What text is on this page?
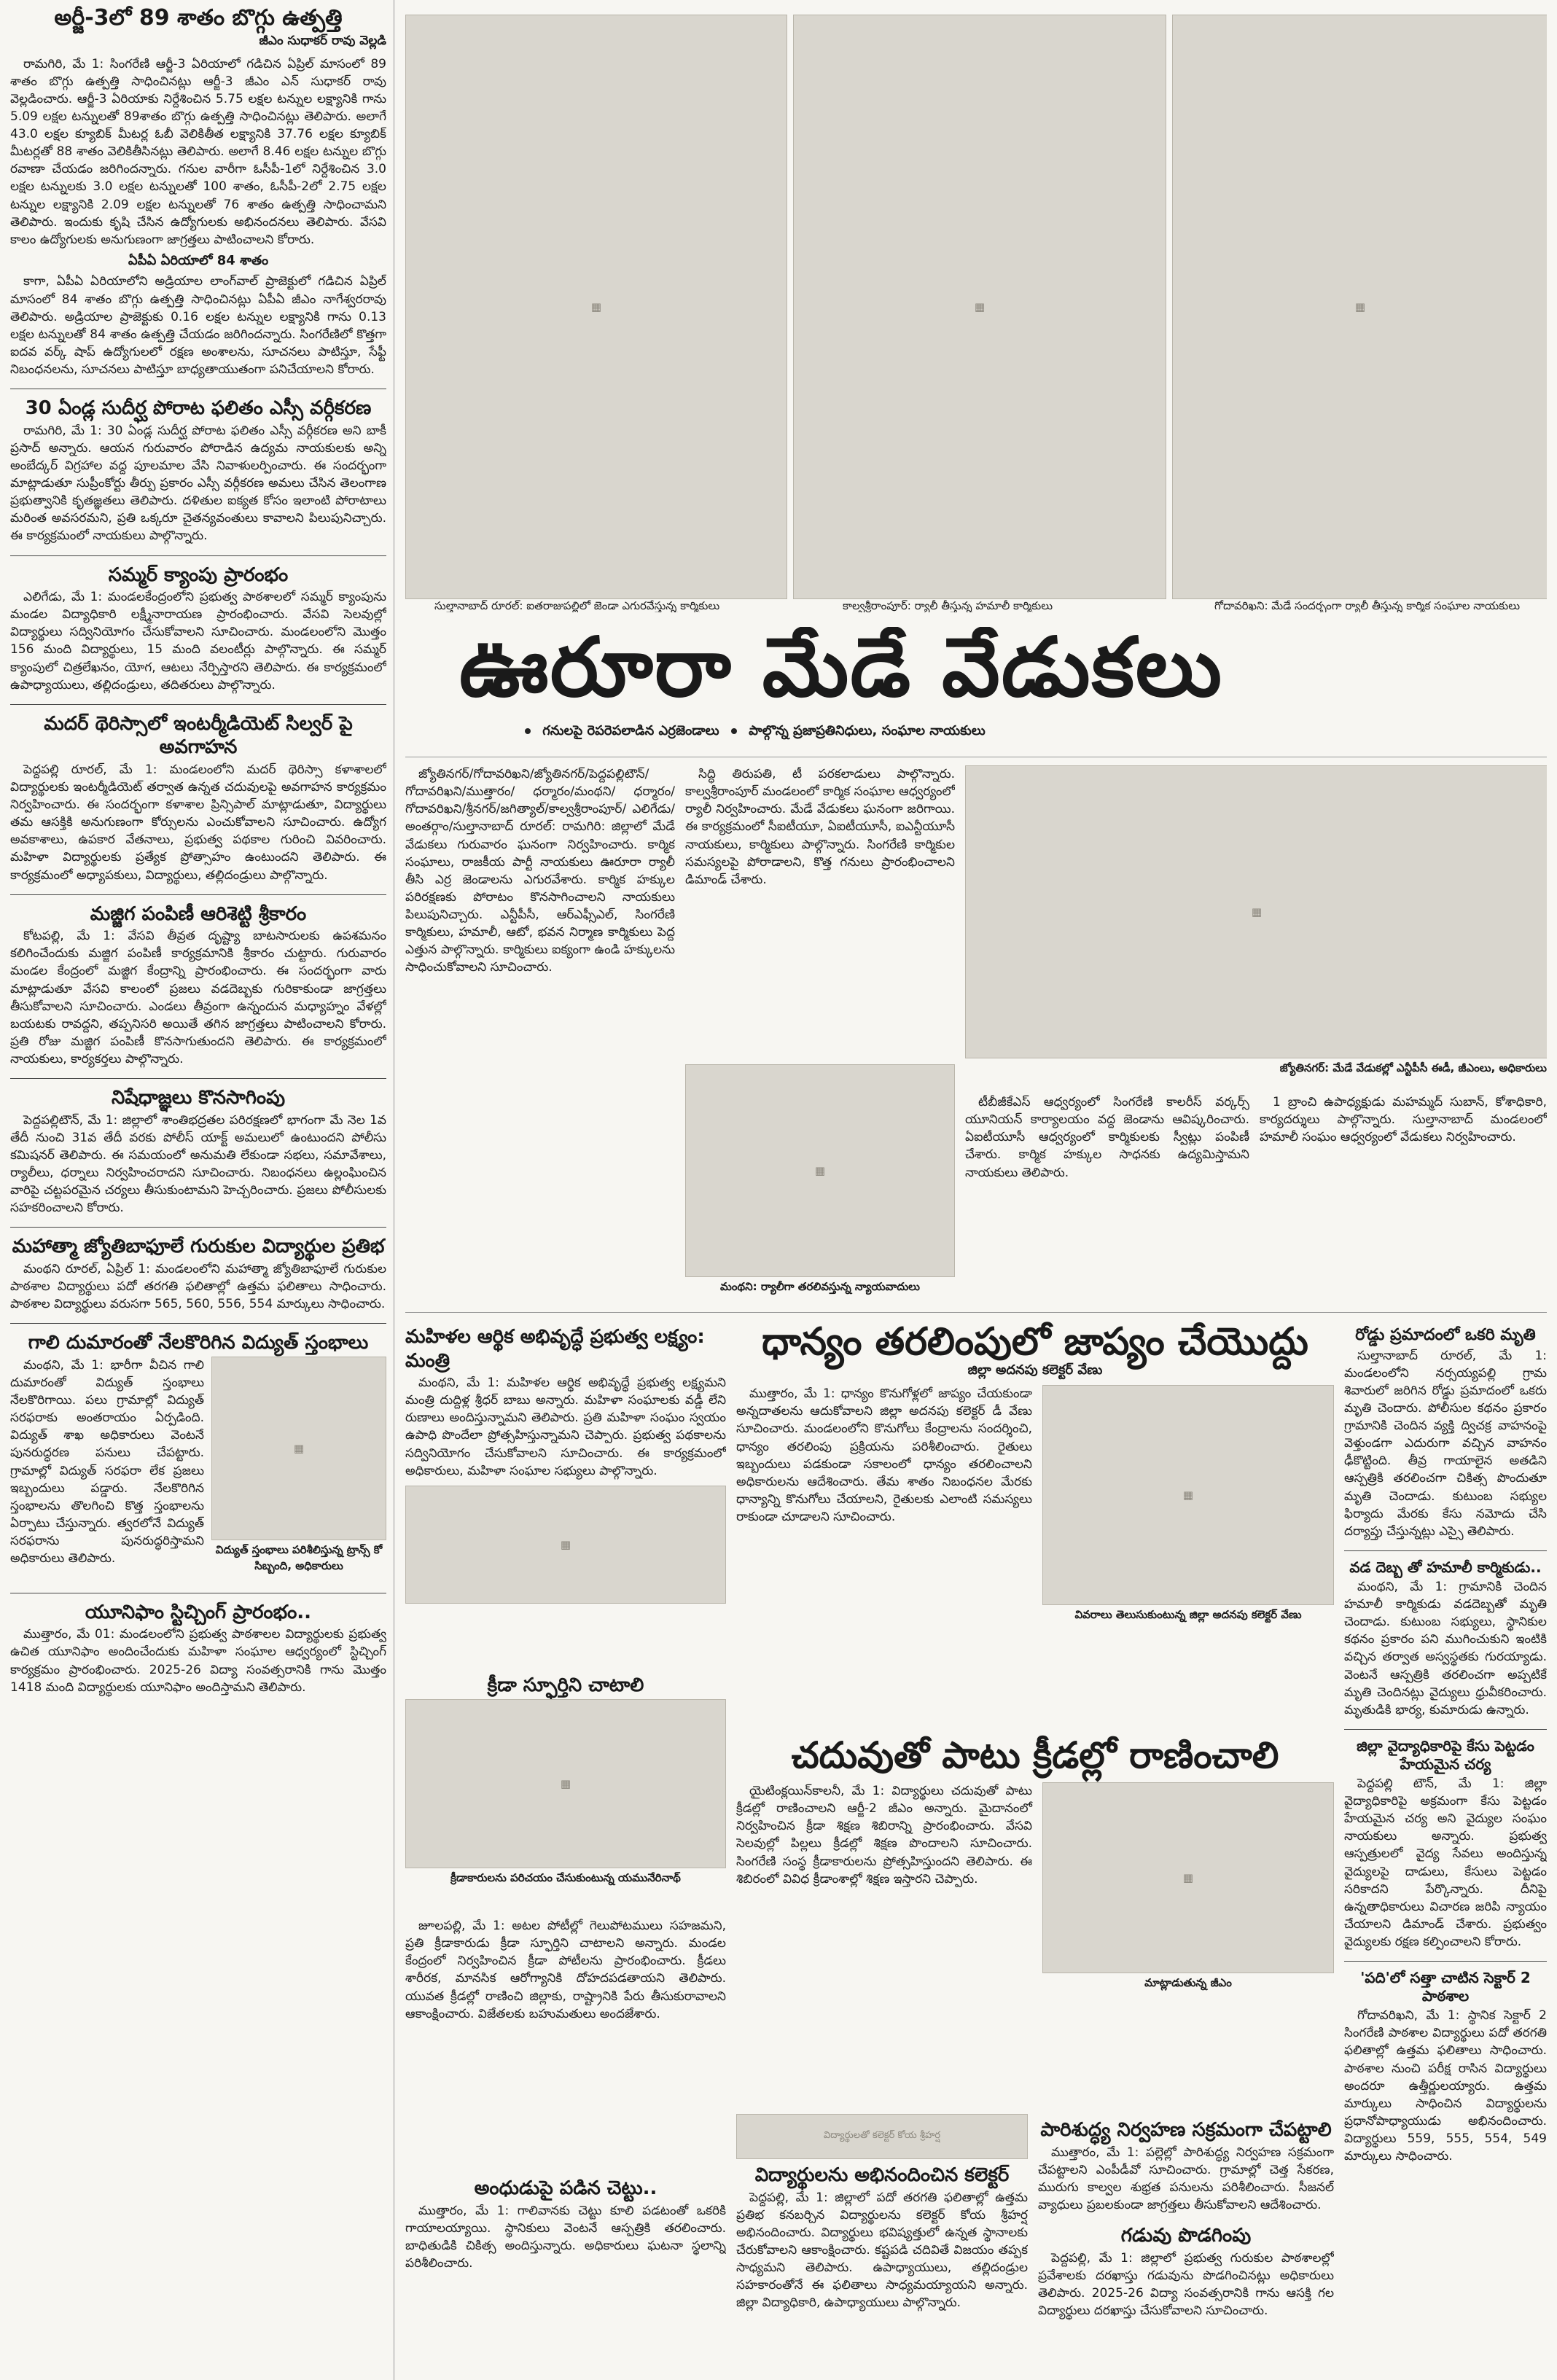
అర్జీ-3లో 89 శాతం బొగ్గు ఉత్పత్తి
జీఎం సుధాకర్ రావు వెల్లడి

రామగిరి, మే 1: సింగరేణి ఆర్జీ-3 ఏరియాలో గడిచిన ఏప్రిల్ మాసంలో 89 శాతం బొగ్గు ఉత్పత్తి సాధించినట్లు ఆర్జీ-3 జీఎం ఎన్ సుధాకర్ రావు వెల్లడించారు. ఆర్జీ-3 ఏరియాకు నిర్దేశించిన 5.75 లక్షల టన్నుల లక్ష్యానికి గాను 5.09 లక్షల టన్నులతో 89శాతం బొగ్గు ఉత్పత్తి సాధించినట్లు తెలిపారు. అలాగే 43.0 లక్షల క్యూబిక్ మీటర్ల ఓబీ వెలికితీత లక్ష్యానికి 37.76 లక్షల క్యూబిక్ మీటర్లతో 88 శాతం వెలికితీసినట్లు తెలిపారు. అలాగే 8.46 లక్షల టన్నుల బొగ్గు రవాణా చేయడం జరిగిందన్నారు. గనుల వారీగా ఓసీపీ-1లో నిర్దేశించిన 3.0 లక్షల టన్నులకు 3.0 లక్షల టన్నులతో 100 శాతం, ఓసీపీ-2లో 2.75 లక్షల టన్నుల లక్ష్యానికి 2.09 లక్షల టన్నులతో 76 శాతం ఉత్పత్తి సాధించామని తెలిపారు. ఇందుకు కృషి చేసిన ఉద్యోగులకు అభినందనలు తెలిపారు. వేసవి కాలం ఉద్యోగులకు అనుగుణంగా జాగ్రత్తలు పాటించాలని కోరారు.

ఏపీఏ ఏరియాలో 84 శాతం

కాగా, ఏపీఏ ఏరియాలోని అడ్రియాల లాంగ్‌వాల్ ప్రాజెక్టులో గడిచిన ఏప్రిల్ మాసంలో 84 శాతం బొగ్గు ఉత్పత్తి సాధించినట్లు ఏపీఏ జీఎం నాగేశ్వరరావు తెలిపారు. అడ్రియాల ప్రాజెక్టుకు 0.16 లక్షల టన్నుల లక్ష్యానికి గాను 0.13 లక్షల టన్నులతో 84 శాతం ఉత్పత్తి చేయడం జరిగిందన్నారు. సింగరేణిలో కొత్తగా ఐదవ వర్క్ షాప్ ఉద్యోగులలో రక్షణ అంశాలను, సూచనలు పాటిస్తూ, సేఫ్టీ నిబంధనలను, సూచనలు పాటిస్తూ బాధ్యతాయుతంగా పనిచేయాలని కోరారు.

30 ఏండ్ల సుదీర్ఘ పోరాట ఫలితం ఎస్సీ వర్గీకరణ

రామగిరి, మే 1: 30 ఏండ్ల సుదీర్ఘ పోరాట ఫలితం ఎస్సీ వర్గీకరణ అని బాకీ ప్రసాద్ అన్నారు. ఆయన గురువారం పోరాడిన ఉద్యమ నాయకులకు అన్ని అంబేద్కర్ విగ్రహాల వద్ద పూలమాల వేసి నివాళులర్పించారు. ఈ సందర్భంగా మాట్లాడుతూ సుప్రీంకోర్టు తీర్పు ప్రకారం ఎస్సీ వర్గీకరణ అమలు చేసిన తెలంగాణ ప్రభుత్వానికి కృతజ్ఞతలు తెలిపారు. దళితుల ఐక్యత కోసం ఇలాంటి పోరాటాలు మరింత అవసరమని, ప్రతి ఒక్కరూ చైతన్యవంతులు కావాలని పిలుపునిచ్చారు. ఈ కార్యక్రమంలో నాయకులు పాల్గొన్నారు.

సమ్మర్ క్యాంపు ప్రారంభం

ఎలిగేడు, మే 1: మండలకేంద్రంలోని ప్రభుత్వ పాఠశాలలో సమ్మర్ క్యాంపును మండల విద్యాధికారి లక్ష్మీనారాయణ ప్రారంభించారు. వేసవి సెలవుల్లో విద్యార్థులు సద్వినియోగం చేసుకోవాలని సూచించారు. మండలంలోని మొత్తం 156 మంది విద్యార్థులు, 15 మంది వలంటీర్లు పాల్గొన్నారు. ఈ సమ్మర్ క్యాంపులో చిత్రలేఖనం, యోగ, ఆటలు నేర్పిస్తారని తెలిపారు. ఈ కార్యక్రమంలో ఉపాధ్యాయులు, తల్లిదండ్రులు, తదితరులు పాల్గొన్నారు.

మదర్ థెరిస్సాలో ఇంటర్మీడియెట్ సిల్వర్ పై అవగాహన

పెద్దపల్లి రూరల్, మే 1: మండలంలోని మదర్ థెరిస్సా కళాశాలలో విద్యార్థులకు ఇంటర్మీడియెట్ తర్వాత ఉన్నత చదువులపై అవగాహన కార్యక్రమం నిర్వహించారు. ఈ సందర్భంగా కళాశాల ప్రిన్సిపాల్ మాట్లాడుతూ, విద్యార్థులు తమ ఆసక్తికి అనుగుణంగా కోర్సులను ఎంచుకోవాలని సూచించారు. ఉద్యోగ అవకాశాలు, ఉపకార వేతనాలు, ప్రభుత్వ పథకాల గురించి వివరించారు. మహిళా విద్యార్థులకు ప్రత్యేక ప్రోత్సాహం ఉంటుందని తెలిపారు. ఈ కార్యక్రమంలో అధ్యాపకులు, విద్యార్థులు, తల్లిదండ్రులు పాల్గొన్నారు.

మజ్జిగ పంపిణీ ఆరిశెట్టి శ్రీకారం

కోటపల్లి, మే 1: వేసవి తీవ్రత దృష్ట్యా బాటసారులకు ఉపశమనం కలిగించేందుకు మజ్జిగ పంపిణీ కార్యక్రమానికి శ్రీకారం చుట్టారు. గురువారం మండల కేంద్రంలో మజ్జిగ కేంద్రాన్ని ప్రారంభించారు. ఈ సందర్భంగా వారు మాట్లాడుతూ వేసవి కాలంలో ప్రజలు వడదెబ్బకు గురికాకుండా జాగ్రత్తలు తీసుకోవాలని సూచించారు. ఎండలు తీవ్రంగా ఉన్నందున మధ్యాహ్నం వేళల్లో బయటకు రావద్దని, తప్పనిసరి అయితే తగిన జాగ్రత్తలు పాటించాలని కోరారు. ప్రతి రోజు మజ్జిగ పంపిణీ కొనసాగుతుందని తెలిపారు. ఈ కార్యక్రమంలో నాయకులు, కార్యకర్తలు పాల్గొన్నారు.

నిషేధాజ్ఞలు కొనసాగింపు

పెద్దపల్లిటౌన్, మే 1: జిల్లాలో శాంతిభద్రతల పరిరక్షణలో భాగంగా మే నెల 1వ తేదీ నుంచి 31వ తేదీ వరకు పోలీస్ యాక్ట్ అమలులో ఉంటుందని పోలీసు కమిషనర్ తెలిపారు. ఈ సమయంలో అనుమతి లేకుండా సభలు, సమావేశాలు, ర్యాలీలు, ధర్నాలు నిర్వహించరాదని సూచించారు. నిబంధనలు ఉల్లంఘించిన వారిపై చట్టపరమైన చర్యలు తీసుకుంటామని హెచ్చరించారు. ప్రజలు పోలీసులకు సహకరించాలని కోరారు.

మహాత్మా జ్యోతిబాఫూలే గురుకుల విద్యార్థుల ప్రతిభ

మంథని రూరల్, ఏప్రిల్ 1: మండలంలోని మహాత్మా జ్యోతిబాఫూలే గురుకుల పాఠశాల విద్యార్థులు పదో తరగతి ఫలితాల్లో ఉత్తమ ఫలితాలు సాధించారు. పాఠశాల విద్యార్థులు వరుసగా 565, 560, 556, 554 మార్కులు సాధించారు.

గాలి దుమారంతో నేలకొరిగిన విద్యుత్ స్తంభాలు

మంథని, మే 1: భారీగా వీచిన గాలి దుమారంతో విద్యుత్ స్తంభాలు నేలకొరిగాయి. పలు గ్రామాల్లో విద్యుత్ సరఫరాకు అంతరాయం ఏర్పడింది. విద్యుత్ శాఖ అధికారులు వెంటనే పునరుద్ధరణ పనులు చేపట్టారు. గ్రామాల్లో విద్యుత్ సరఫరా లేక ప్రజలు ఇబ్బందులు పడ్డారు. నేలకొరిగిన స్తంభాలను తొలగించి కొత్త స్తంభాలను ఏర్పాటు చేస్తున్నారు. త్వరలోనే విద్యుత్ సరఫరాను పునరుద్ధరిస్తామని అధికారులు తెలిపారు.

▦
విద్యుత్ స్తంభాలు పరిశీలిస్తున్న ట్రాన్స్ కో సిబ్బంది, అధికారులు
యూనిఫాం స్టిచ్చింగ్ ప్రారంభం..

ముత్తారం, మే 01: మండలంలోని ప్రభుత్వ పాఠశాలల విద్యార్థులకు ప్రభుత్వ ఉచిత యూనిఫాం అందించేందుకు మహిళా సంఘాల ఆధ్వర్యంలో స్టిచ్చింగ్ కార్యక్రమం ప్రారంభించారు. 2025-26 విద్యా సంవత్సరానికి గాను మొత్తం 1418 మంది విద్యార్థులకు యూనిఫాం అందిస్తామని తెలిపారు.

▦	▦	▦
సుల్తానాబాద్ రూరల్: ఐతరాజుపల్లిలో జెండా ఎగురవేస్తున్న కార్మికులు	కాల్వశ్రీరాంపూర్: ర్యాలీ తీస్తున్న హమాలీ కార్మికులు	గోదావరిఖని: మేడే సందర్భంగా ర్యాలీ తీస్తున్న కార్మిక సంఘాల నాయకులు
ఊరూరా మేడే వేడుకలు
గనులపై రెపరెపలాడిన ఎర్రజెండాలు పాల్గొన్న ప్రజాప్రతినిధులు, సంఘాల నాయకులు

జ్యోతినగర్/గోదావరిఖని/జ్యోతినగర్/పెద్దపల్లిటౌన్/గోదావరిఖని/ముత్తారం/ ధర్మారం/మంథని/ ధర్మారం/గోదావరిఖని/శ్రీనగర్/జగిత్యాల్/కాల్వశ్రీరాంపూర్/ ఎలిగేడు/అంతర్గాం/సుల్తానాబాద్ రూరల్: రామగిరి: జిల్లాలో మేడే వేడుకలు గురువారం ఘనంగా నిర్వహించారు. కార్మిక సంఘాలు, రాజకీయ పార్టీ నాయకులు ఊరూరా ర్యాలీ తీసి ఎర్ర జెండాలను ఎగురవేశారు. కార్మిక హక్కుల పరిరక్షణకు పోరాటం కొనసాగించాలని నాయకులు పిలుపునిచ్చారు. ఎన్టీపీసీ, ఆర్ఎఫ్సీఎల్, సింగరేణి కార్మికులు, హమాలీ, ఆటో, భవన నిర్మాణ కార్మికులు పెద్ద ఎత్తున పాల్గొన్నారు. కార్మికులు ఐక్యంగా ఉండి హక్కులను సాధించుకోవాలని సూచించారు.

సిద్ధి తిరుపతి, టీ పరకలాడులు పాల్గొన్నారు. కాల్వశ్రీరాంపూర్ మండలంలో కార్మిక సంఘాల ఆధ్వర్యంలో ర్యాలీ నిర్వహించారు. మేడే వేడుకలు ఘనంగా జరిగాయి. ఈ కార్యక్రమంలో సీఐటీయూ, ఏఐటీయూసీ, ఐఎన్టీయూసీ నాయకులు, కార్మికులు పాల్గొన్నారు. సింగరేణి కార్మికుల సమస్యలపై పోరాడాలని, కొత్త గనులు ప్రారంభించాలని డిమాండ్ చేశారు.

▦
జ్యోతినగర్: మేడే వేడుకల్లో ఎన్టీపీసీ ఈడీ, జీఎంలు, అధికారులు
▦
మంథని: ర్యాలీగా తరలివస్తున్న న్యాయవాదులు

టీబీజీకేఎస్ ఆధ్వర్యంలో సింగరేణి కాలరీస్ వర్కర్స్ యూనియన్ కార్యాలయం వద్ద జెండాను ఆవిష్కరించారు. ఏఐటీయూసీ ఆధ్వర్యంలో కార్మికులకు స్వీట్లు పంపిణీ చేశారు. కార్మిక హక్కుల సాధనకు ఉద్యమిస్తామని నాయకులు తెలిపారు.

1 బ్రాంచి ఉపాధ్యక్షుడు మహమ్మద్ సుబాన్, కోశాధికారి, కార్యదర్శులు పాల్గొన్నారు. సుల్తానాబాద్ మండలంలో హమాలీ సంఘం ఆధ్వర్యంలో వేడుకలు నిర్వహించారు.

మహిళల ఆర్థిక అభివృద్ధే ప్రభుత్వ లక్ష్యం: మంత్రి

మంథని, మే 1: మహిళల ఆర్థిక అభివృద్ధే ప్రభుత్వ లక్ష్యమని మంత్రి దుద్దిళ్ల శ్రీధర్ బాబు అన్నారు. మహిళా సంఘాలకు వడ్డీ లేని రుణాలు అందిస్తున్నామని తెలిపారు. ప్రతి మహిళా సంఘం స్వయం ఉపాధి పొందేలా ప్రోత్సహిస్తున్నామని చెప్పారు. ప్రభుత్వ పథకాలను సద్వినియోగం చేసుకోవాలని సూచించారు. ఈ కార్యక్రమంలో అధికారులు, మహిళా సంఘాల సభ్యులు పాల్గొన్నారు.

▦
ధాన్యం తరలింపులో జాప్యం చేయొద్దు
జిల్లా అదనపు కలెక్టర్ వేణు

ముత్తారం, మే 1: ధాన్యం కొనుగోళ్లలో జాప్యం చేయకుండా అన్నదాతలను ఆదుకోవాలని జిల్లా అదనపు కలెక్టర్ డీ వేణు సూచించారు. మండలంలోని కొనుగోలు కేంద్రాలను సందర్శించి, ధాన్యం తరలింపు ప్రక్రియను పరిశీలించారు. రైతులు ఇబ్బందులు పడకుండా సకాలంలో ధాన్యం తరలించాలని అధికారులను ఆదేశించారు. తేమ శాతం నిబంధనల మేరకు ధాన్యాన్ని కొనుగోలు చేయాలని, రైతులకు ఎలాంటి సమస్యలు రాకుండా చూడాలని సూచించారు.

▦
వివరాలు తెలుసుకుంటున్న జిల్లా అదనపు కలెక్టర్ వేణు
క్రీడా స్ఫూర్తిని చాటాలి
▦
క్రీడాకారులను పరిచయం చేసుకుంటున్న యమునేరినాథ్

జూలపల్లి, మే 1: అటల పోటీల్లో గెలుపోటములు సహజమని, ప్రతి క్రీడాకారుడు క్రీడా స్ఫూర్తిని చాటాలని అన్నారు. మండల కేంద్రంలో నిర్వహించిన క్రీడా పోటీలను ప్రారంభించారు. క్రీడలు శారీరక, మానసిక ఆరోగ్యానికి దోహదపడతాయని తెలిపారు. యువత క్రీడల్లో రాణించి జిల్లాకు, రాష్ట్రానికి పేరు తీసుకురావాలని ఆకాంక్షించారు. విజేతలకు బహుమతులు అందజేశారు.

అంధుడుపై పడిన చెట్టు..

ముత్తారం, మే 1: గాలివానకు చెట్టు కూలి పడటంతో ఒకరికి గాయాలయ్యాయి. స్థానికులు వెంటనే ఆస్పత్రికి తరలించారు. బాధితుడికి చికిత్స అందిస్తున్నారు. అధికారులు ఘటనా స్థలాన్ని పరిశీలించారు.

చదువుతో పాటు క్రీడల్లో రాణించాలి

యైటింక్లయిన్‌కాలనీ, మే 1: విద్యార్థులు చదువుతో పాటు క్రీడల్లో రాణించాలని ఆర్జీ-2 జీఎం అన్నారు. మైదానంలో నిర్వహించిన క్రీడా శిక్షణ శిబిరాన్ని ప్రారంభించారు. వేసవి సెలవుల్లో పిల్లలు క్రీడల్లో శిక్షణ పొందాలని సూచించారు. సింగరేణి సంస్థ క్రీడాకారులను ప్రోత్సహిస్తుందని తెలిపారు. ఈ శిబిరంలో వివిధ క్రీడాంశాల్లో శిక్షణ ఇస్తారని చెప్పారు.	▦
మాట్లాడుతున్న జీఎం
విద్యార్థులతో కలెక్టర్ కోయ శ్రీహర్ష
విద్యార్థులను అభినందించిన కలెక్టర్

పెద్దపల్లి, మే 1: జిల్లాలో పదో తరగతి ఫలితాల్లో ఉత్తమ ప్రతిభ కనబర్చిన విద్యార్థులను కలెక్టర్ కోయ శ్రీహర్ష అభినందించారు. విద్యార్థులు భవిష్యత్తులో ఉన్నత స్థానాలకు చేరుకోవాలని ఆకాంక్షించారు. కష్టపడి చదివితే విజయం తప్పక సాధ్యమని తెలిపారు. ఉపాధ్యాయులు, తల్లిదండ్రుల సహకారంతోనే ఈ ఫలితాలు సాధ్యమయ్యాయని అన్నారు. జిల్లా విద్యాధికారి, ఉపాధ్యాయులు పాల్గొన్నారు.

పారిశుద్ధ్య నిర్వహణ సక్రమంగా చేపట్టాలి

ముత్తారం, మే 1: పల్లెల్లో పారిశుద్ధ్య నిర్వహణ సక్రమంగా చేపట్టాలని ఎంపీడీవో సూచించారు. గ్రామాల్లో చెత్త సేకరణ, మురుగు కాల్వల శుభ్రత పనులను పరిశీలించారు. సీజనల్ వ్యాధులు ప్రబలకుండా జాగ్రత్తలు తీసుకోవాలని ఆదేశించారు.

గడువు పొడగింపు

పెద్దపల్లి, మే 1: జిల్లాలో ప్రభుత్వ గురుకుల పాఠశాలల్లో ప్రవేశాలకు దరఖాస్తు గడువును పొడగించినట్లు అధికారులు తెలిపారు. 2025-26 విద్యా సంవత్సరానికి గాను ఆసక్తి గల విద్యార్థులు దరఖాస్తు చేసుకోవాలని సూచించారు.

రోడ్డు ప్రమాదంలో ఒకరి మృతి

సుల్తానాబాద్ రూరల్, మే 1: మండలంలోని నర్సయ్యపల్లి గ్రామ శివారులో జరిగిన రోడ్డు ప్రమాదంలో ఒకరు మృతి చెందారు. పోలీసుల కథనం ప్రకారం గ్రామానికి చెందిన వ్యక్తి ద్విచక్ర వాహనంపై వెళ్తుండగా ఎదురుగా వచ్చిన వాహనం ఢీకొట్టింది. తీవ్ర గాయాలైన అతడిని ఆస్పత్రికి తరలించగా చికిత్స పొందుతూ మృతి చెందాడు. కుటుంబ సభ్యుల ఫిర్యాదు మేరకు కేసు నమోదు చేసి దర్యాప్తు చేస్తున్నట్లు ఎస్సై తెలిపారు.

వడ దెబ్బ తో హమాలీ కార్మికుడు..

మంథని, మే 1: గ్రామానికి చెందిన హమాలీ కార్మికుడు వడదెబ్బతో మృతి చెందాడు. కుటుంబ సభ్యులు, స్థానికుల కథనం ప్రకారం పని ముగించుకుని ఇంటికి వచ్చిన తర్వాత అస్వస్థతకు గురయ్యాడు. వెంటనే ఆస్పత్రికి తరలించగా అప్పటికే మృతి చెందినట్లు వైద్యులు ధ్రువీకరించారు. మృతుడికి భార్య, కుమారుడు ఉన్నారు.

జిల్లా వైద్యాధికారిపై కేసు పెట్టడం హేయమైన చర్య

పెద్దపల్లి టౌన్, మే 1: జిల్లా వైద్యాధికారిపై అక్రమంగా కేసు పెట్టడం హేయమైన చర్య అని వైద్యుల సంఘం నాయకులు అన్నారు. ప్రభుత్వ ఆస్పత్రులలో వైద్య సేవలు అందిస్తున్న వైద్యులపై దాడులు, కేసులు పెట్టడం సరికాదని పేర్కొన్నారు. దీనిపై ఉన్నతాధికారులు విచారణ జరిపి న్యాయం చేయాలని డిమాండ్ చేశారు. ప్రభుత్వం వైద్యులకు రక్షణ కల్పించాలని కోరారు.

'పది'లో సత్తా చాటిన సెక్టార్ 2 పాఠశాల

గోదావరిఖని, మే 1: స్థానిక సెక్టార్ 2 సింగరేణి పాఠశాల విద్యార్థులు పదో తరగతి ఫలితాల్లో ఉత్తమ ఫలితాలు సాధించారు. పాఠశాల నుంచి పరీక్ష రాసిన విద్యార్థులు అందరూ ఉత్తీర్ణులయ్యారు. ఉత్తమ మార్కులు సాధించిన విద్యార్థులను ప్రధానోపాధ్యాయుడు అభినందించారు. విద్యార్థులు 559, 555, 554, 549 మార్కులు సాధించారు.
